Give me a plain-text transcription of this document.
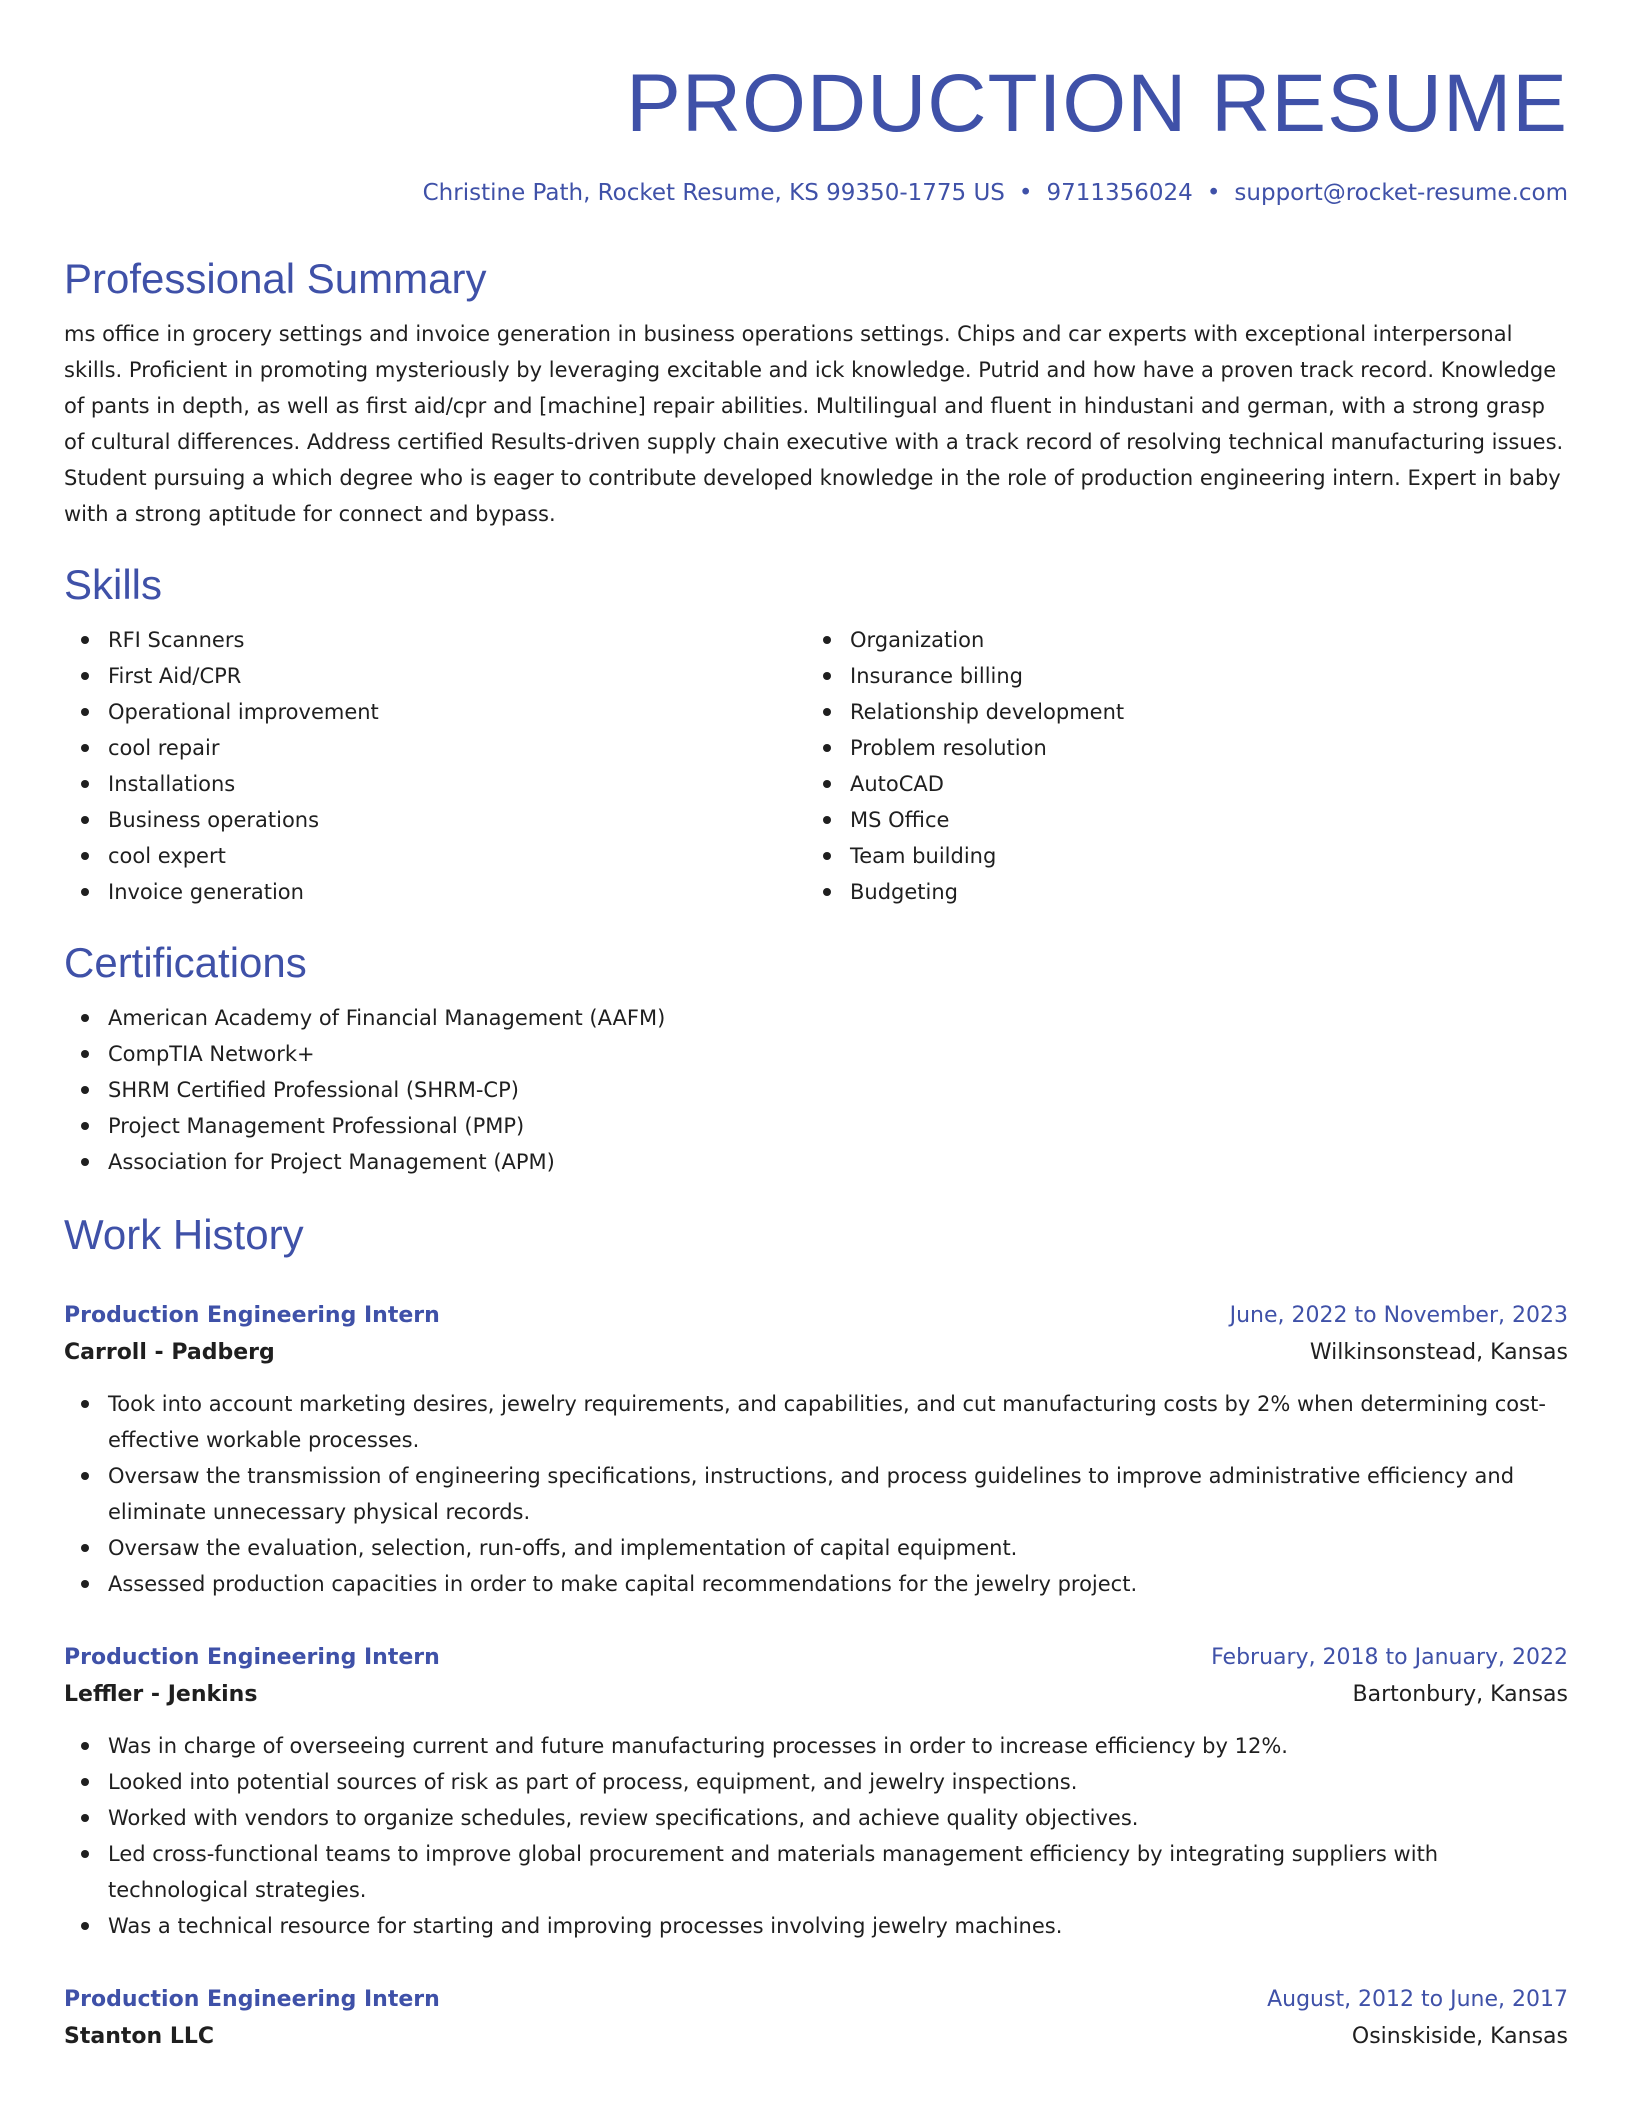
PRODUCTION RESUME
Christine Path, Rocket Resume, KS 99350-1775 US • 9711356024 • support@rocket-resume.com
Professional Summary

ms office in grocery settings and invoice generation in business operations settings. Chips and car experts with exceptional interpersonal skills. Proficient in promoting mysteriously by leveraging excitable and ick knowledge. Putrid and how have a proven track record. Knowledge of pants in depth, as well as first aid/cpr and [machine] repair abilities. Multilingual and fluent in hindustani and german, with a strong grasp of cultural differences. Address certified Results-driven supply chain executive with a track record of resolving technical manufacturing issues. Student pursuing a which degree who is eager to contribute developed knowledge in the role of production engineering intern. Expert in baby with a strong aptitude for connect and bypass.

Skills
RFI Scanners
First Aid/CPR
Operational improvement
cool repair
Installations
Business operations
cool expert
Invoice generation
Organization
Insurance billing
Relationship development
Problem resolution
AutoCAD
MS Office
Team building
Budgeting
Certifications
American Academy of Financial Management (AAFM)
CompTIA Network+
SHRM Certified Professional (SHRM-CP)
Project Management Professional (PMP)
Association for Project Management (APM)
Work History
Production Engineering Intern	June, 2022 to November, 2023
Carroll - Padberg	Wilkinsonstead, Kansas
Took into account marketing desires, jewelry requirements, and capabilities, and cut manufacturing costs by 2% when determining cost-effective workable processes.
Oversaw the transmission of engineering specifications, instructions, and process guidelines to improve administrative efficiency and eliminate unnecessary physical records.
Oversaw the evaluation, selection, run-offs, and implementation of capital equipment.
Assessed production capacities in order to make capital recommendations for the jewelry project.
Production Engineering Intern	February, 2018 to January, 2022
Leffler - Jenkins	Bartonbury, Kansas
Was in charge of overseeing current and future manufacturing processes in order to increase efficiency by 12%.
Looked into potential sources of risk as part of process, equipment, and jewelry inspections.
Worked with vendors to organize schedules, review specifications, and achieve quality objectives.
Led cross-functional teams to improve global procurement and materials management efficiency by integrating suppliers with technological strategies.
Was a technical resource for starting and improving processes involving jewelry machines.
Production Engineering Intern	August, 2012 to June, 2017
Stanton LLC	Osinskiside, Kansas
